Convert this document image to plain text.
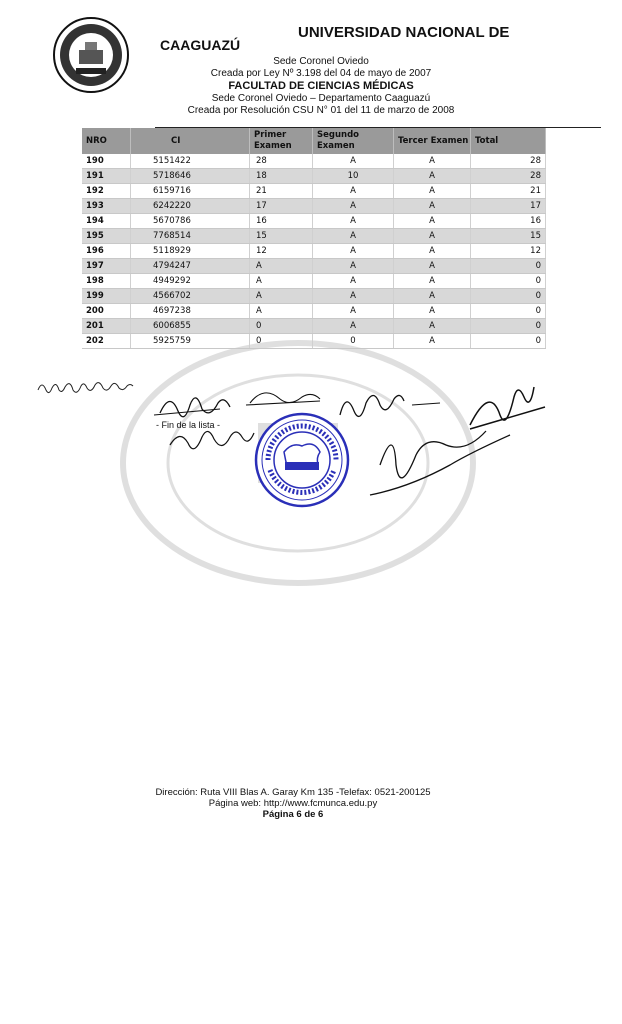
UNIVERSIDAD NACIONAL DE
CAAGUAZÚ
Sede Coronel Oviedo
Creada por Ley Nº 3.198 del 04 de mayo de 2007
FACULTAD DE CIENCIAS MÉDICAS
Sede Coronel Oviedo – Departamento Caaguazú
Creada por Resolución CSU N° 01 del 11 de marzo de 2008
NRO	CI	Primer Examen	Segundo Examen	Tercer Examen	Total
190	5151422	28	A	A	28
191	5718646	18	10	A	28
192	6159716	21	A	A	21
193	6242220	17	A	A	17
194	5670786	16	A	A	16
195	7768514	15	A	A	15
196	5118929	12	A	A	12
197	4794247	A	A	A	0
198	4949292	A	A	A	0
199	4566702	A	A	A	0
200	4697238	A	A	A	0
201	6006855	0	A	A	0
202	5925759	0	0	A	0
- Fin de la lista -
Dirección: Ruta VIII Blas A. Garay Km 135 -Telefax: 0521-200125
Página web: http://www.fcmunca.edu.py
Página 6 de 6
